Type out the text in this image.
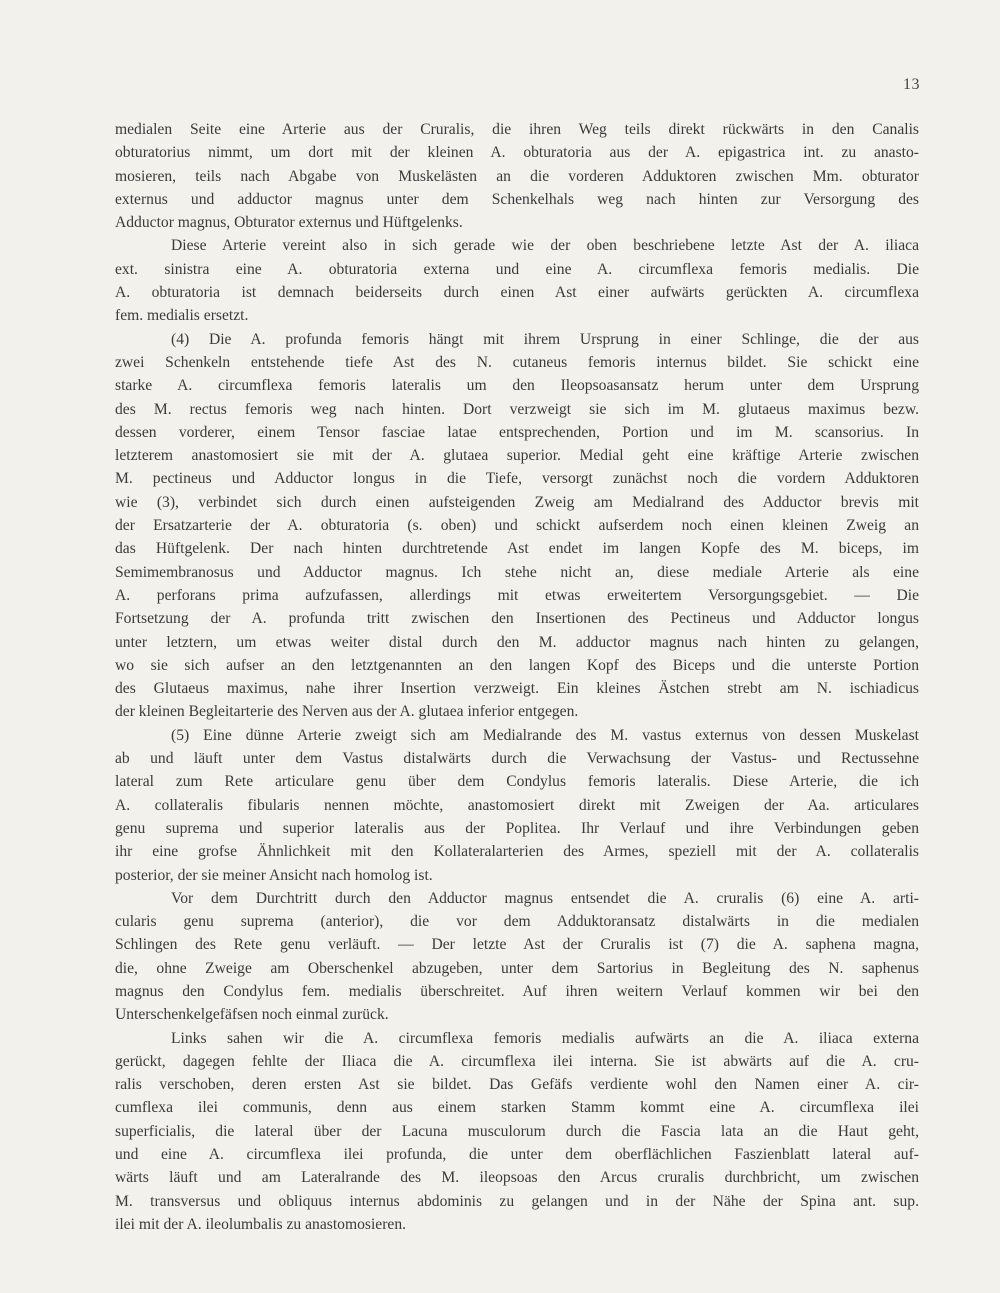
13
medialen Seite eine Arterie aus der Cruralis, die ihren Weg teils direkt rückwärts in den Canalis
obturatorius nimmt, um dort mit der kleinen A. obturatoria aus der A. epigastrica int. zu anasto-
mosieren, teils nach Abgabe von Muskelästen an die vorderen Adduktoren zwischen Mm. obturator
externus und adductor magnus unter dem Schenkelhals weg nach hinten zur Versorgung des
Adductor magnus, Obturator externus und Hüftgelenks.
Diese Arterie vereint also in sich gerade wie der oben beschriebene letzte Ast der A. iliaca
ext. sinistra eine A. obturatoria externa und eine A. circumflexa femoris medialis. Die
A. obturatoria ist demnach beiderseits durch einen Ast einer aufwärts gerückten A. circumflexa
fem. medialis ersetzt.
(4) Die A. profunda femoris hängt mit ihrem Ursprung in einer Schlinge, die der aus
zwei Schenkeln entstehende tiefe Ast des N. cutaneus femoris internus bildet. Sie schickt eine
starke A. circumflexa femoris lateralis um den Ileopsoasansatz herum unter dem Ursprung
des M. rectus femoris weg nach hinten. Dort verzweigt sie sich im M. glutaeus maximus bezw.
dessen vorderer, einem Tensor fasciae latae entsprechenden, Portion und im M. scansorius. In
letzterem anastomosiert sie mit der A. glutaea superior. Medial geht eine kräftige Arterie zwischen
M. pectineus und Adductor longus in die Tiefe, versorgt zunächst noch die vordern Adduktoren
wie (3), verbindet sich durch einen aufsteigenden Zweig am Medialrand des Adductor brevis mit
der Ersatzarterie der A. obturatoria (s. oben) und schickt aufserdem noch einen kleinen Zweig an
das Hüftgelenk. Der nach hinten durchtretende Ast endet im langen Kopfe des M. biceps, im
Semimembranosus und Adductor magnus. Ich stehe nicht an, diese mediale Arterie als eine
A. perforans prima aufzufassen, allerdings mit etwas erweitertem Versorgungsgebiet. — Die
Fortsetzung der A. profunda tritt zwischen den Insertionen des Pectineus und Adductor longus
unter letztern, um etwas weiter distal durch den M. adductor magnus nach hinten zu gelangen,
wo sie sich aufser an den letztgenannten an den langen Kopf des Biceps und die unterste Portion
des Glutaeus maximus, nahe ihrer Insertion verzweigt. Ein kleines Ästchen strebt am N. ischiadicus
der kleinen Begleitarterie des Nerven aus der A. glutaea inferior entgegen.
(5) Eine dünne Arterie zweigt sich am Medialrande des M. vastus externus von dessen Muskelast
ab und läuft unter dem Vastus distalwärts durch die Verwachsung der Vastus- und Rectussehne
lateral zum Rete articulare genu über dem Condylus femoris lateralis. Diese Arterie, die ich
A. collateralis fibularis nennen möchte, anastomosiert direkt mit Zweigen der Aa. articulares
genu suprema und superior lateralis aus der Poplitea. Ihr Verlauf und ihre Verbindungen geben
ihr eine grofse Ähnlichkeit mit den Kollateralarterien des Armes, speziell mit der A. collateralis
posterior, der sie meiner Ansicht nach homolog ist.
Vor dem Durchtritt durch den Adductor magnus entsendet die A. cruralis (6) eine A. arti-
cularis genu suprema (anterior), die vor dem Adduktoransatz distalwärts in die medialen
Schlingen des Rete genu verläuft. — Der letzte Ast der Cruralis ist (7) die A. saphena magna,
die, ohne Zweige am Oberschenkel abzugeben, unter dem Sartorius in Begleitung des N. saphenus
magnus den Condylus fem. medialis überschreitet. Auf ihren weitern Verlauf kommen wir bei den
Unterschenkelgefäfsen noch einmal zurück.
Links sahen wir die A. circumflexa femoris medialis aufwärts an die A. iliaca externa
gerückt, dagegen fehlte der Iliaca die A. circumflexa ilei interna. Sie ist abwärts auf die A. cru-
ralis verschoben, deren ersten Ast sie bildet. Das Gefäfs verdiente wohl den Namen einer A. cir-
cumflexa ilei communis, denn aus einem starken Stamm kommt eine A. circumflexa ilei
superficialis, die lateral über der Lacuna musculorum durch die Fascia lata an die Haut geht,
und eine A. circumflexa ilei profunda, die unter dem oberflächlichen Faszienblatt lateral auf-
wärts läuft und am Lateralrande des M. ileopsoas den Arcus cruralis durchbricht, um zwischen
M. transversus und obliquus internus abdominis zu gelangen und in der Nähe der Spina ant. sup.
ilei mit der A. ileolumbalis zu anastomosieren.
